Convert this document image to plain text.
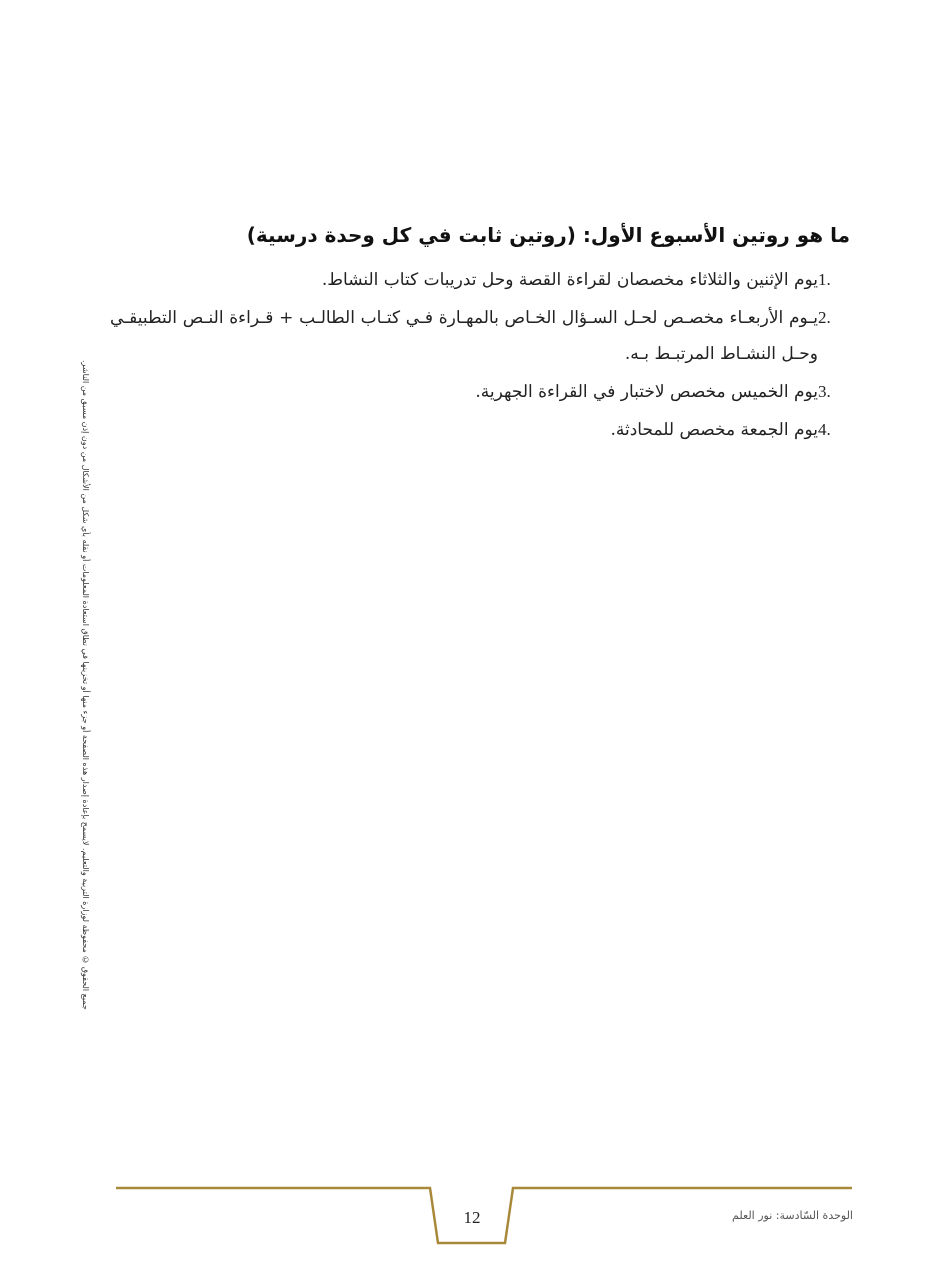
ما هو روتين الأسبوع الأول: (روتين ثابت في كل وحدة درسية)
1.
يوم الإثنين والثلاثاء مخصصان لقراءة القصة وحل تدريبات كتاب النشاط.
2.
يـوم الأربعـاء مخصـص لحـل السـؤال الخـاص بالمهـارة فـي كتـاب الطالـب + قـراءة النـص التطبيقـي وحـل النشـاط المرتبـط بـه.
3.
يوم الخميس مخصص لاختبار في القراءة الجهرية.
4.
يوم الجمعة مخصص للمحادثة.
جميع الحقوق © محفوظة لوزارة التربية والتعليم. لايسمح بإعادة إصدار هذه الصفحة أو جزء منها أو تخزينها في نطاق استعادة المعلومات أو نقله بأي شكل من الأشكال من دون إذن مسبق من الناشر.
12	الوحدة السّادسة: نور العلم
